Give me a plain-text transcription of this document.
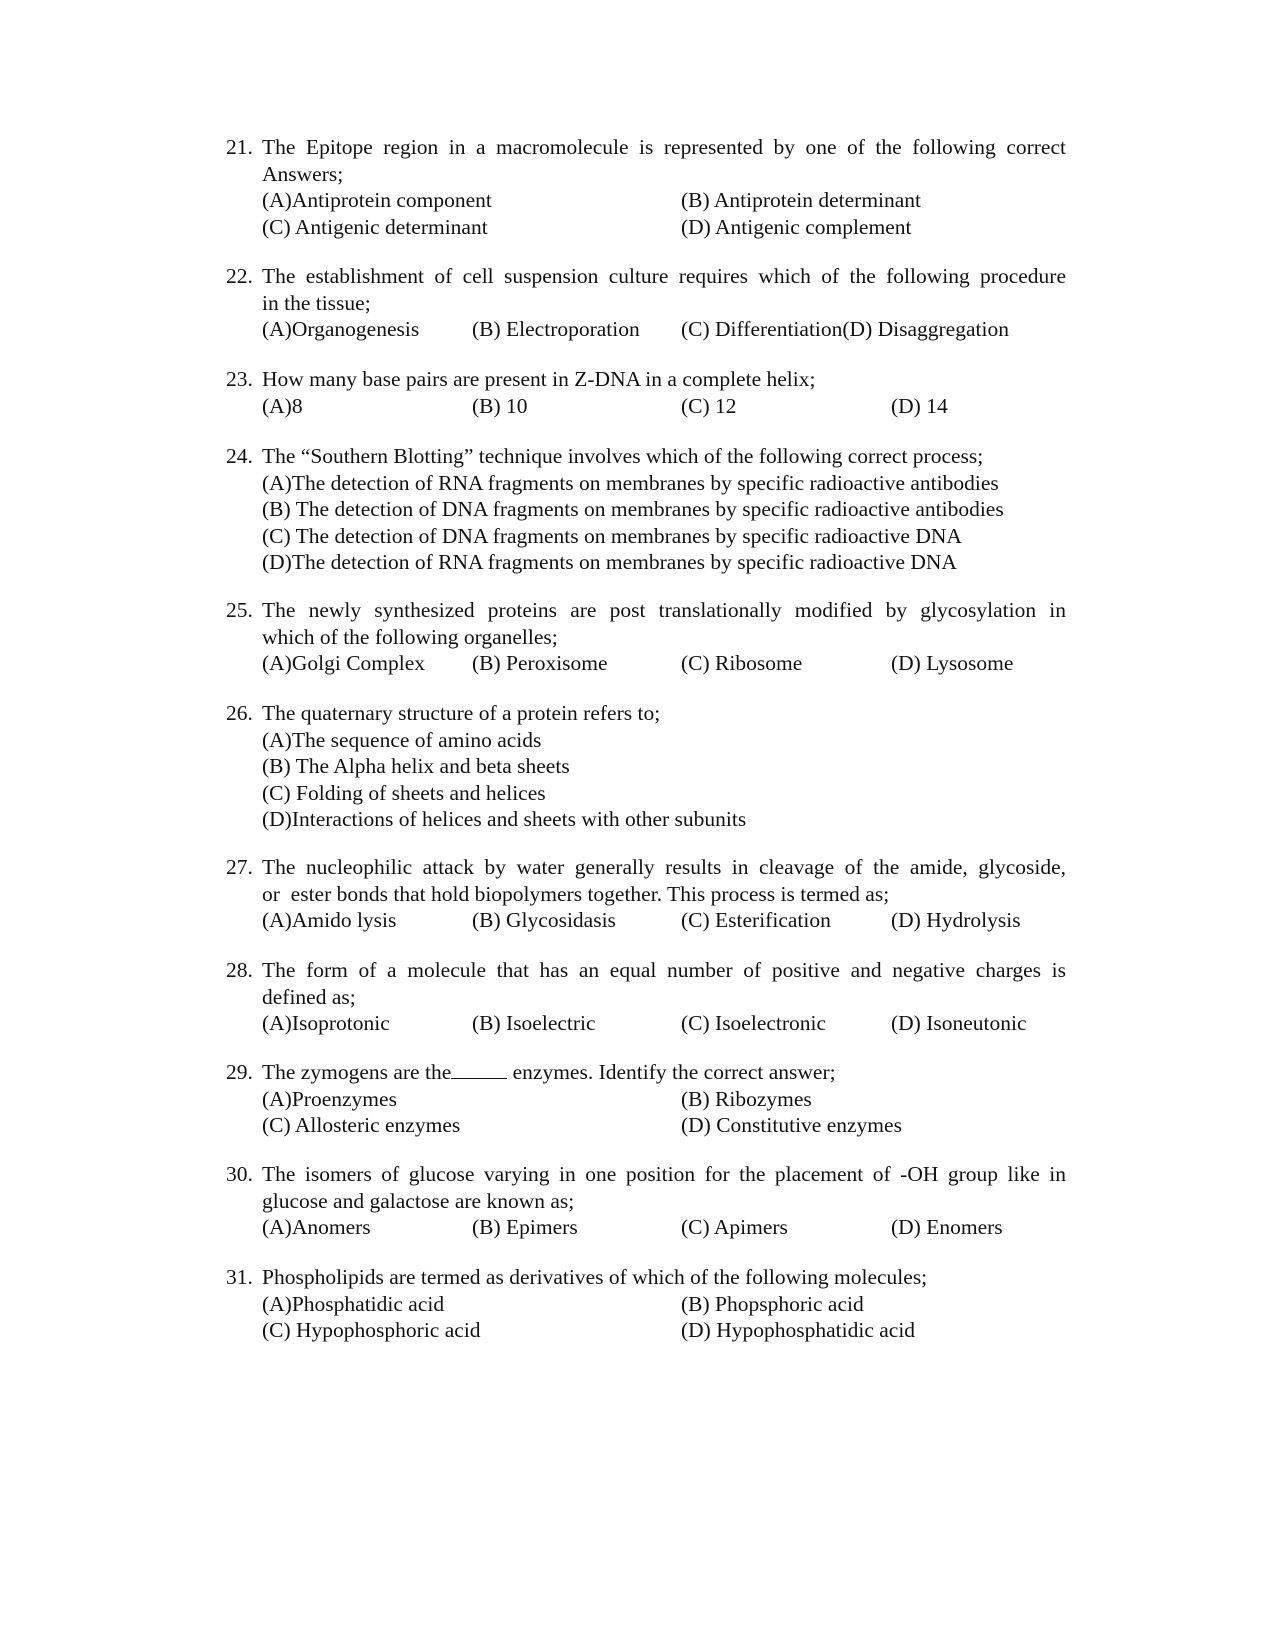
21. The Epitope region in a macromolecule is represented by one of the following correct
Answers;
(A)Antiprotein component	(B) Antiprotein determinant
(C) Antigenic determinant	(D) Antigenic complement
22. The establishment of cell suspension culture requires which of the following procedure
in the tissue;
(A)Organogenesis (B) Electroporation (C) Differentiation(D) Disaggregation
23. How many base pairs are present in Z-DNA in a complete helix;
(A)8	(B) 10	(C) 12	(D) 14
24. The “Southern Blotting” technique involves which of the following correct process;
(A)The detection of RNA fragments on membranes by specific radioactive antibodies
(B) The detection of DNA fragments on membranes by specific radioactive antibodies
(C) The detection of DNA fragments on membranes by specific radioactive DNA
(D)The detection of RNA fragments on membranes by specific radioactive DNA
25. The newly synthesized proteins are post translationally modified by glycosylation in
which of the following organelles;
(A)Golgi Complex (B) Peroxisome	(C) Ribosome	(D) Lysosome
26. The quaternary structure of a protein refers to;
(A)The sequence of amino acids
(B) The Alpha helix and beta sheets
(C) Folding of sheets and helices
(D)Interactions of helices and sheets with other subunits
27. The nucleophilic attack by water generally results in cleavage of the amide, glycoside,
or  ester bonds that hold biopolymers together. This process is termed as;
(A)Amido lysis	(B) Glycosidasis	(C) Esterification	(D) Hydrolysis
28. The form of a molecule that has an equal number of positive and negative charges is
defined as;
(A)Isoprotonic	(B) Isoelectric	(C) Isoelectronic	(D) Isoneutonic
29. The zymogens are the	enzymes. Identify the correct answer;
(A)Proenzymes	(B) Ribozymes
(C) Allosteric enzymes	(D) Constitutive enzymes
30. The isomers of glucose varying in one position for the placement of -OH group like in
glucose and galactose are known as;
(A)Anomers	(B) Epimers	(C) Apimers	(D) Enomers
31. Phospholipids are termed as derivatives of which of the following molecules;
(A)Phosphatidic acid	(B) Phopsphoric acid
(C) Hypophosphoric acid	(D) Hypophosphatidic acid
